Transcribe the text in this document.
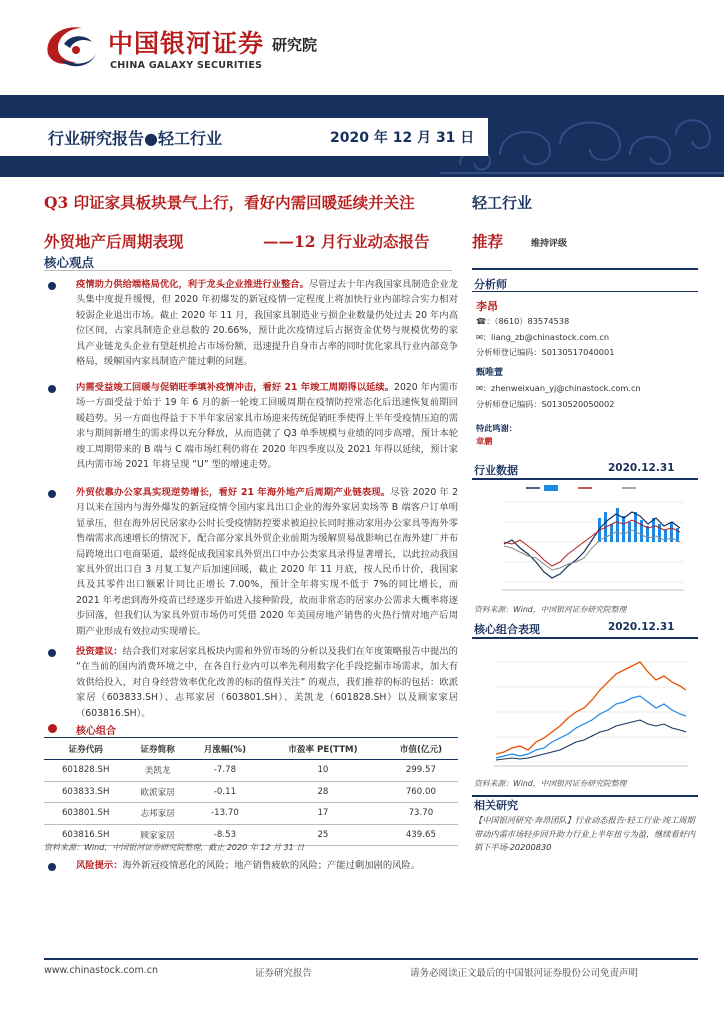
中国银河证券 研究院
CHINA GALAXY SECURITIES
行业研究报告●轻工行业	2020 年 12 月 31 日
Q3 印证家具板块景气上行，看好内需回暖延续并关注
外贸地产后周期表现	——12 月行业动态报告
核心观点
疫情助力供给端格局优化，利于龙头企业推进行业整合。尽管过去十年内我国家具制造企业龙头集中度提升缓慢，但 2020 年初爆发的新冠疫情一定程度上将加快行业内部综合实力相对较弱企业退出市场。截止 2020 年 11 月，我国家具制造业亏损企业数量仍处过去 20 年内高位区间，占家具制造企业总数的 20.66%，预计此次疫情过后占据资金优势与规模优势的家具产业链龙头企业有望赶机抢占市场份额，迅速提升自身市占率的同时优化家具行业内部竞争格局，缓解国内家具制造产能过剩的问题。
内需受益竣工回暖与促销旺季填补疫情冲击，看好 21 年竣工周期得以延续。2020 年内需市场一方面受益于始于 19 年 6 月的新一轮竣工回暖周期在疫情防控常态化后迅速恢复前期回暖趋势。另一方面也得益于下半年家居家具市场迎来传统促销旺季使得上半年受疫情压迫的需求与期间新增生的需求得以充分释放，从而造就了 Q3 单季规模与业绩的同步高增，预计本轮竣工周期带来的 B 端与 C 端市场红利仍将在 2020 年四季度以及 2021 年得以延续，预计家具内需市场 2021 年将呈现 “U” 型的增速走势。
外贸依靠办公家具实现逆势增长，看好 21 年海外地产后周期产业链表现。尽管 2020 年 2 月以来在国内与海外爆发的新冠疫情令国内家具出口企业的海外家居卖场等 B 端客户订单明显承压，但在海外居民居家办公时长受疫情防控要求被迫拉长同时推动家用办公家具等海外零售端需求高速增长的情况下，配合部分家具外贸企业前期为缓解贸易战影响已在海外建厂并布局跨境出口电商渠道，最终促成我国家具外贸出口中办公类家具录得显著增长，以此拉动我国家具外贸出口自 3 月复工复产后加速回暖，截止 2020 年 11 月底，按人民币计价，我国家具及其零件出口额累计同比正增长 7.00%，预计全年将实现不低于 7%的同比增长，而 2021 年考虑到海外疫苗已经逐步开始进入接种阶段，故而非常态的居家办公需求大概率将逐步回落，但我们认为家具外贸市场仍可凭借 2020 年美国房地产销售的火热行情对地产后周期产业形成有效拉动实现增长。
投资建议：结合我们对家居家具板块内需和外贸市场的分析以及我们在年度策略报告中提出的 “在当前的国内消费环境之中，在各自行业内可以率先利用数字化手段挖掘市场需求，加大有效供给投入，对自身经营效率优化改善的标的值得关注” 的观点，我们推荐的标的包括：欧派家居（603833.SH）、志邦家居（603801.SH）、美凯龙（601828.SH）以及顾家家居（603816.SH）。
核心组合
证券代码	证券简称	月涨幅(%)	市盈率 PE(TTM)	市值(亿元)
601828.SH	美凯龙	-7.78	10	299.57
603833.SH	欧派家居	-0.11	28	760.00
603801.SH	志邦家居	-13.70	17	73.70
603816.SH	顾家家居	-8.53	25	439.65
资料来源：Wind，中国银河证券研究院整理，截止 2020 年 12 月 31 日
风险提示：海外新冠疫情恶化的风险；地产销售疲软的风险；产能过剩加剧的风险。
轻工行业
推荐	维持评级
分析师
李昂
☎：（8610）83574538
✉：liang_zb@chinastock.com.cn
分析师登记编码：S0130517040001
甄唯萱
✉：zhenweixuan_yj@chinastock.com.cn
分析师登记编码：S0130520050002
特此鸣谢：
章鹏
行业数据	2020.12.31
资料来源：Wind，中国银河证券研究院整理
核心组合表现	2020.12.31
资料来源：Wind，中国银河证券研究院整理
相关研究
【中国银河研究·奔昂团队】行业动态报告·轻工行业·竣工周期带动内需市场轻步回升助力行业上半年扭亏为盈，继续看好内销下半场-20200830
www.chinastock.com.cn	证券研究报告	请务必阅读正文最后的中国银河证券股份公司免责声明
